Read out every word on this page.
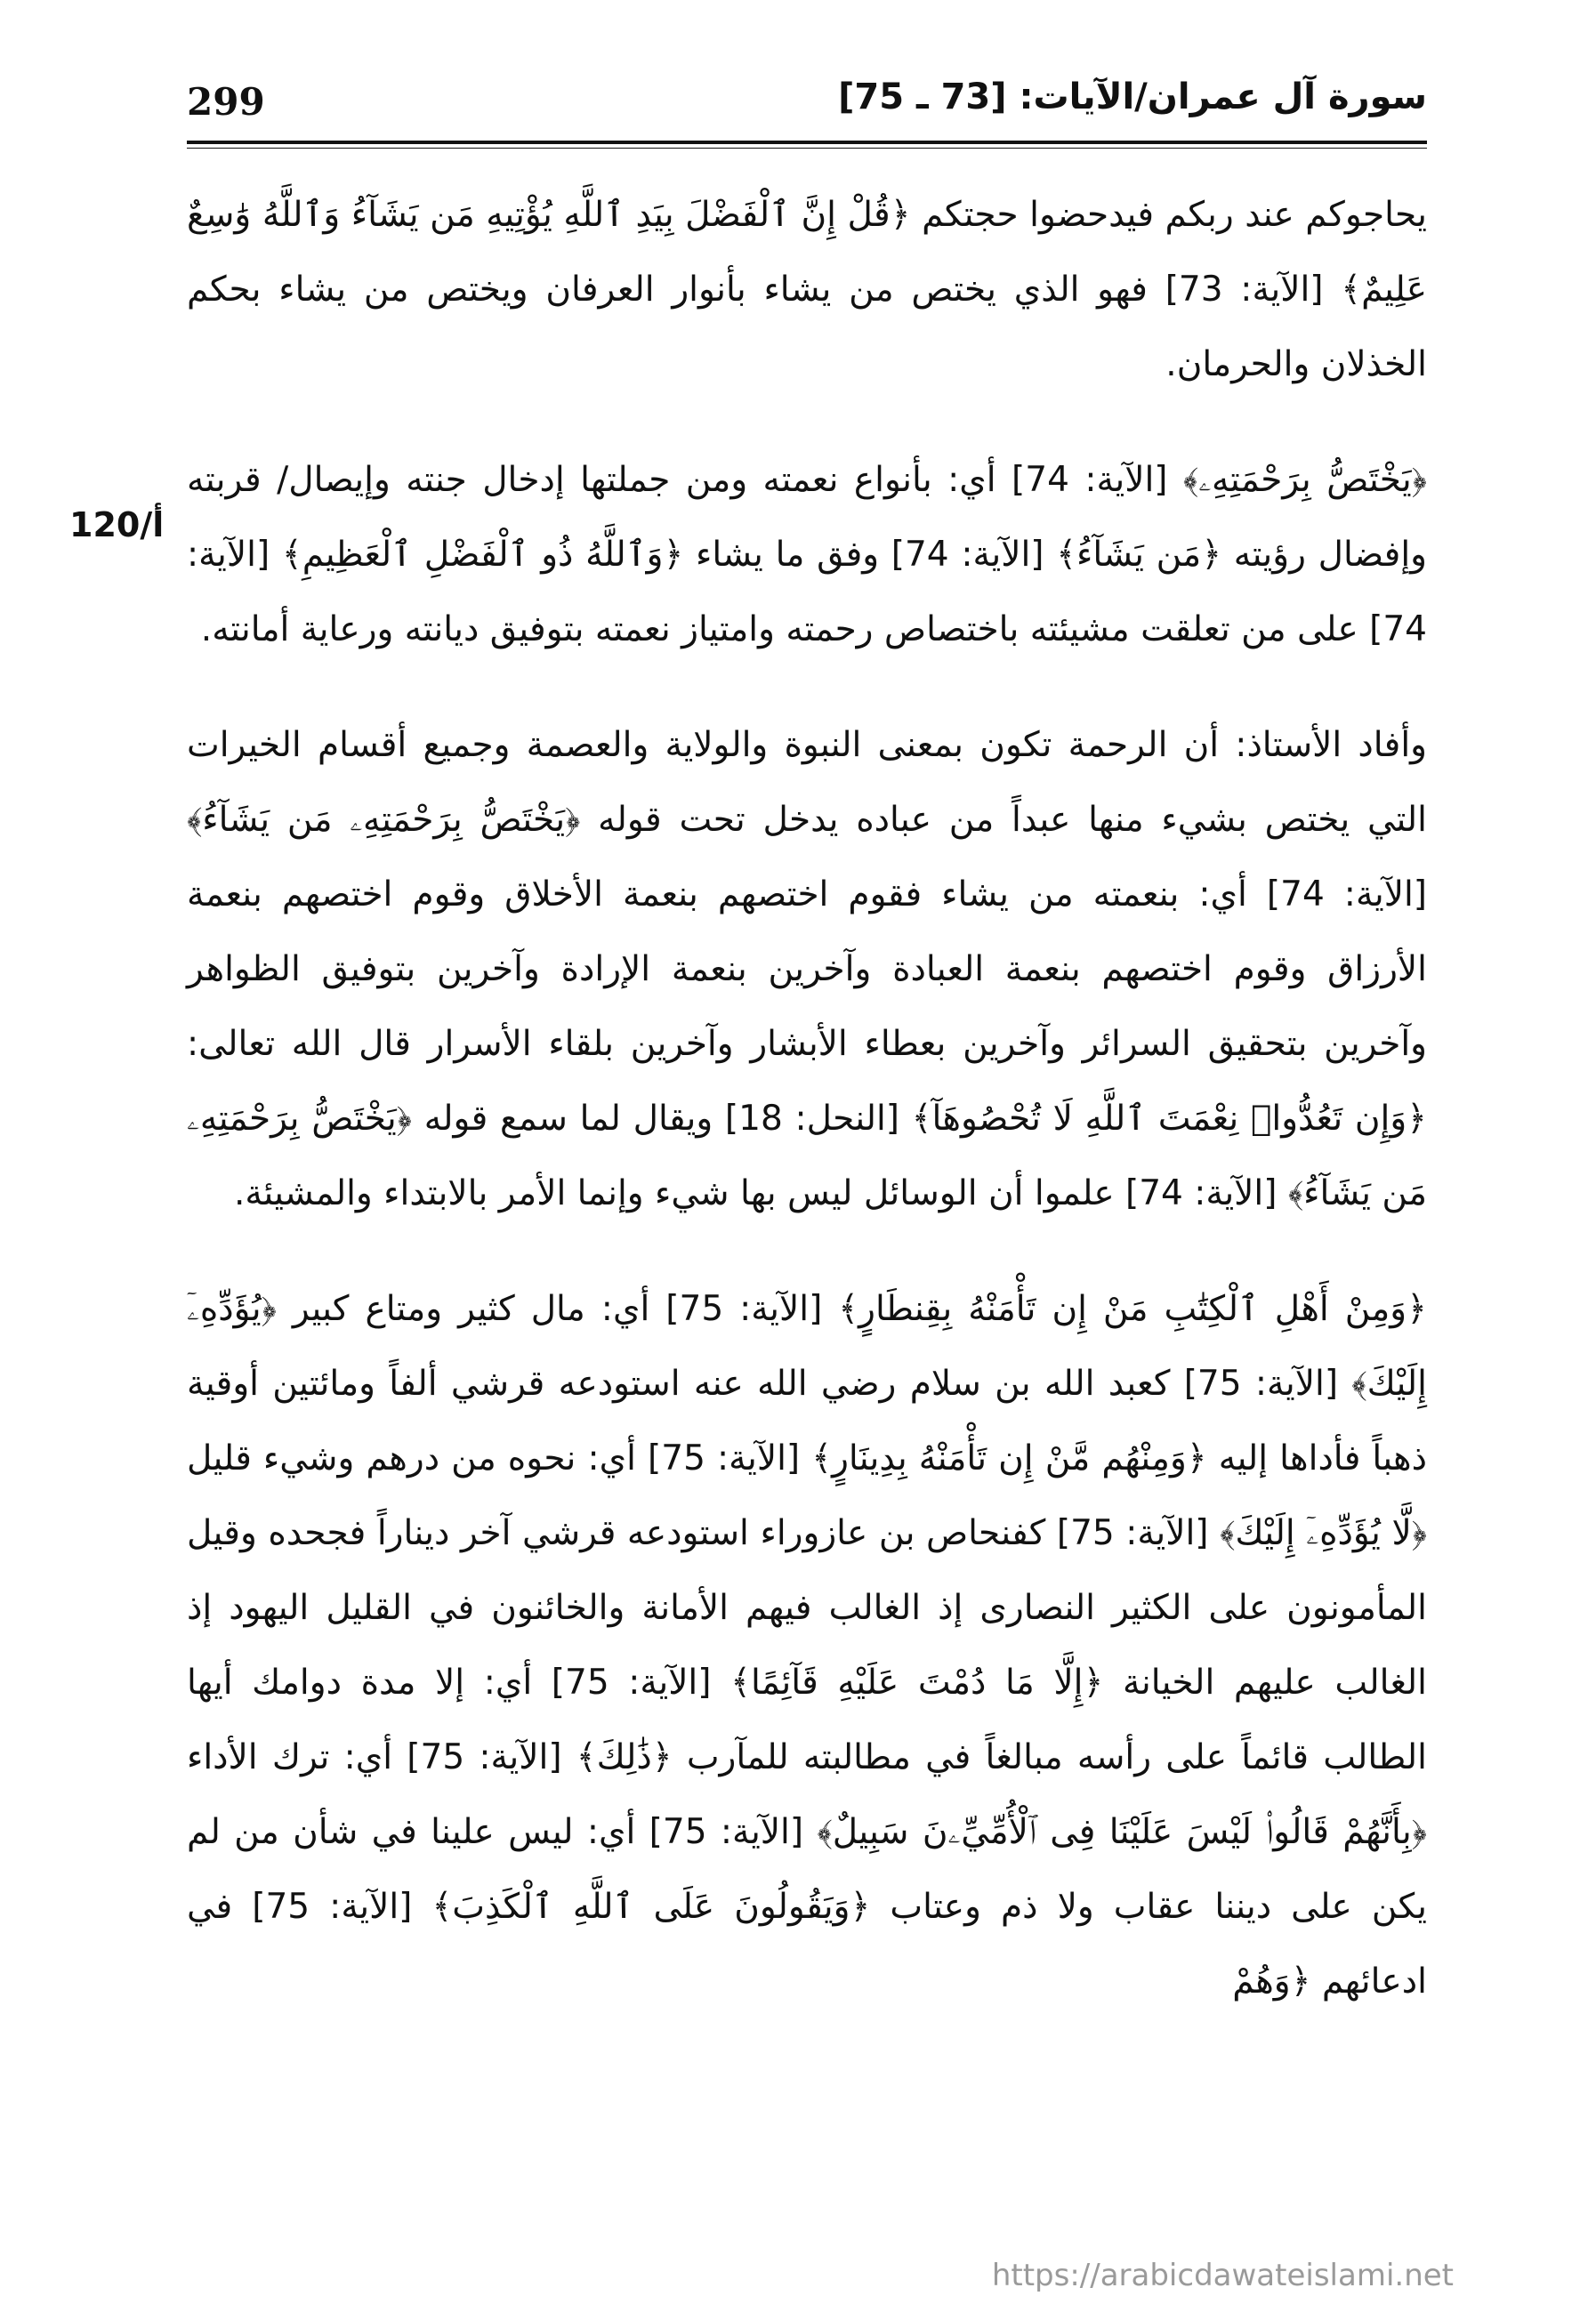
299	سورة آل عمران/الآيات: [73 ـ 75]
120/أ

يحاجوكم عند ربكم فيدحضوا حجتكم ﴿قُلْ إِنَّ ٱلْفَضْلَ بِيَدِ ٱللَّهِ يُؤْتِيهِ مَن يَشَآءُ وَٱللَّهُ وَٰسِعٌ عَلِيمٌ﴾ [الآية: 73] فهو الذي يختص من يشاء بأنوار العرفان ويختص من يشاء بحكم الخذلان والحرمان.

﴿يَخْتَصُّ بِرَحْمَتِهِۦ﴾ [الآية: 74] أي: بأنواع نعمته ومن جملتها إدخال جنته وإيصال/ قربته وإفضال رؤيته ﴿مَن يَشَآءُ﴾ [الآية: 74] وفق ما يشاء ﴿وَٱللَّهُ ذُو ٱلْفَضْلِ ٱلْعَظِيمِ﴾ [الآية: 74] على من تعلقت مشيئته باختصاص رحمته وامتياز نعمته بتوفيق ديانته ورعاية أمانته.

وأفاد الأستاذ: أن الرحمة تكون بمعنى النبوة والولاية والعصمة وجميع أقسام الخيرات التي يختص بشيء منها عبداً من عباده يدخل تحت قوله ﴿يَخْتَصُّ بِرَحْمَتِهِۦ مَن يَشَآءُ﴾ [الآية: 74] أي: بنعمته من يشاء فقوم اختصهم بنعمة الأخلاق وقوم اختصهم بنعمة الأرزاق وقوم اختصهم بنعمة العبادة وآخرين بنعمة الإرادة وآخرين بتوفيق الظواهر وآخرين بتحقيق السرائر وآخرين بعطاء الأبشار وآخرين بلقاء الأسرار قال الله تعالى: ﴿وَإِن تَعُدُّوا۟ نِعْمَتَ ٱللَّهِ لَا تُحْصُوهَآ﴾ [النحل: 18] ويقال لما سمع قوله ﴿يَخْتَصُّ بِرَحْمَتِهِۦ مَن يَشَآءُ﴾ [الآية: 74] علموا أن الوسائل ليس بها شيء وإنما الأمر بالابتداء والمشيئة.

﴿وَمِنْ أَهْلِ ٱلْكِتَٰبِ مَنْ إِن تَأْمَنْهُ بِقِنطَارٍ﴾ [الآية: 75] أي: مال كثير ومتاع كبير ﴿يُؤَدِّهِۦٓ إِلَيْكَ﴾ [الآية: 75] كعبد الله بن سلام رضي الله عنه استودعه قرشي ألفاً ومائتين أوقية ذهباً فأداها إليه ﴿وَمِنْهُم مَّنْ إِن تَأْمَنْهُ بِدِينَارٍ﴾ [الآية: 75] أي: نحوه من درهم وشيء قليل ﴿لَّا يُؤَدِّهِۦٓ إِلَيْكَ﴾ [الآية: 75] كفنحاص بن عازوراء استودعه قرشي آخر ديناراً فجحده وقيل المأمونون على الكثير النصارى إذ الغالب فيهم الأمانة والخائنون في القليل اليهود إذ الغالب عليهم الخيانة ﴿إِلَّا مَا دُمْتَ عَلَيْهِ قَآئِمًا﴾ [الآية: 75] أي: إلا مدة دوامك أيها الطالب قائماً على رأسه مبالغاً في مطالبته للمآرب ﴿ذَٰلِكَ﴾ [الآية: 75] أي: ترك الأداء ﴿بِأَنَّهُمْ قَالُوا۟ لَيْسَ عَلَيْنَا فِى ٱلْأُمِّيِّۦنَ سَبِيلٌ﴾ [الآية: 75] أي: ليس علينا في شأن من لم يكن على ديننا عقاب ولا ذم وعتاب ﴿وَيَقُولُونَ عَلَى ٱللَّهِ ٱلْكَذِبَ﴾ [الآية: 75] في ادعائهم ﴿وَهُمْ

https://arabicdawateislami.net
